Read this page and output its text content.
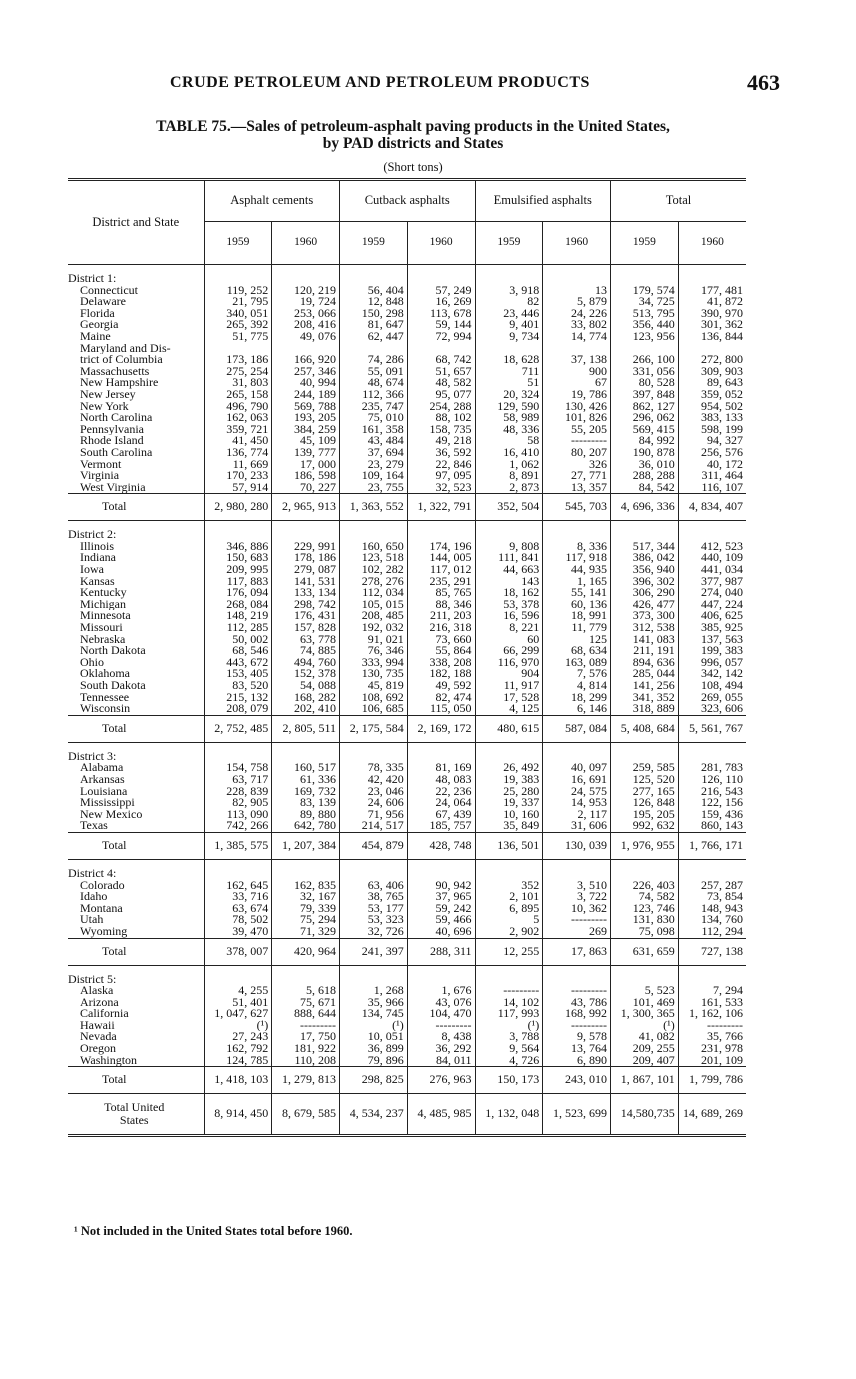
CRUDE PETROLEUM AND PETROLEUM PRODUCTS	463
TABLE 75.—Sales of petroleum-asphalt paving products in the United States,
by PAD districts and States
(Short tons)
District and State	Asphalt cements		Cutback asphalts		Emulsified asphalts		Total	
	1959	1960	1959	1960	1959	1960	1959	1960

District 1:								
Connecticut	119, 252	120, 219	56, 404	57, 249	3, 918	13	179, 574	177, 481
Delaware	21, 795	19, 724	12, 848	16, 269	82	5, 879	34, 725	41, 872
Florida	340, 051	253, 066	150, 298	113, 678	23, 446	24, 226	513, 795	390, 970
Georgia	265, 392	208, 416	81, 647	59, 144	9, 401	33, 802	356, 440	301, 362
Maine	51, 775	49, 076	62, 447	72, 994	9, 734	14, 774	123, 956	136, 844
Maryland and Dis-								
trict of Columbia	173, 186	166, 920	74, 286	68, 742	18, 628	37, 138	266, 100	272, 800
Massachusetts	275, 254	257, 346	55, 091	51, 657	711	900	331, 056	309, 903
New Hampshire	31, 803	40, 994	48, 674	48, 582	51	67	80, 528	89, 643
New Jersey	265, 158	244, 189	112, 366	95, 077	20, 324	19, 786	397, 848	359, 052
New York	496, 790	569, 788	235, 747	254, 288	129, 590	130, 426	862, 127	954, 502
North Carolina	162, 063	193, 205	75, 010	88, 102	58, 989	101, 826	296, 062	383, 133
Pennsylvania	359, 721	384, 259	161, 358	158, 735	48, 336	55, 205	569, 415	598, 199
Rhode Island	41, 450	45, 109	43, 484	49, 218	58	---------	84, 992	94, 327
South Carolina	136, 774	139, 777	37, 694	36, 592	16, 410	80, 207	190, 878	256, 576
Vermont	11, 669	17, 000	23, 279	22, 846	1, 062	326	36, 010	40, 172
Virginia	170, 233	186, 598	109, 164	97, 095	8, 891	27, 771	288, 288	311, 464
West Virginia	57, 914	70, 227	23, 755	32, 523	2, 873	13, 357	84, 542	116, 107
Total	2, 980, 280	2, 965, 913	1, 363, 552	1, 322, 791	352, 504	545, 703	4, 696, 336	4, 834, 407

District 2:								
Illinois	346, 886	229, 991	160, 650	174, 196	9, 808	8, 336	517, 344	412, 523
Indiana	150, 683	178, 186	123, 518	144, 005	111, 841	117, 918	386, 042	440, 109
Iowa	209, 995	279, 087	102, 282	117, 012	44, 663	44, 935	356, 940	441, 034
Kansas	117, 883	141, 531	278, 276	235, 291	143	1, 165	396, 302	377, 987
Kentucky	176, 094	133, 134	112, 034	85, 765	18, 162	55, 141	306, 290	274, 040
Michigan	268, 084	298, 742	105, 015	88, 346	53, 378	60, 136	426, 477	447, 224
Minnesota	148, 219	176, 431	208, 485	211, 203	16, 596	18, 991	373, 300	406, 625
Missouri	112, 285	157, 828	192, 032	216, 318	8, 221	11, 779	312, 538	385, 925
Nebraska	50, 002	63, 778	91, 021	73, 660	60	125	141, 083	137, 563
North Dakota	68, 546	74, 885	76, 346	55, 864	66, 299	68, 634	211, 191	199, 383
Ohio	443, 672	494, 760	333, 994	338, 208	116, 970	163, 089	894, 636	996, 057
Oklahoma	153, 405	152, 378	130, 735	182, 188	904	7, 576	285, 044	342, 142
South Dakota	83, 520	54, 088	45, 819	49, 592	11, 917	4, 814	141, 256	108, 494
Tennessee	215, 132	168, 282	108, 692	82, 474	17, 528	18, 299	341, 352	269, 055
Wisconsin	208, 079	202, 410	106, 685	115, 050	4, 125	6, 146	318, 889	323, 606
Total	2, 752, 485	2, 805, 511	2, 175, 584	2, 169, 172	480, 615	587, 084	5, 408, 684	5, 561, 767

District 3:								
Alabama	154, 758	160, 517	78, 335	81, 169	26, 492	40, 097	259, 585	281, 783
Arkansas	63, 717	61, 336	42, 420	48, 083	19, 383	16, 691	125, 520	126, 110
Louisiana	228, 839	169, 732	23, 046	22, 236	25, 280	24, 575	277, 165	216, 543
Mississippi	82, 905	83, 139	24, 606	24, 064	19, 337	14, 953	126, 848	122, 156
New Mexico	113, 090	89, 880	71, 956	67, 439	10, 160	2, 117	195, 205	159, 436
Texas	742, 266	642, 780	214, 517	185, 757	35, 849	31, 606	992, 632	860, 143
Total	1, 385, 575	1, 207, 384	454, 879	428, 748	136, 501	130, 039	1, 976, 955	1, 766, 171

District 4:								
Colorado	162, 645	162, 835	63, 406	90, 942	352	3, 510	226, 403	257, 287
Idaho	33, 716	32, 167	38, 765	37, 965	2, 101	3, 722	74, 582	73, 854
Montana	63, 674	79, 339	53, 177	59, 242	6, 895	10, 362	123, 746	148, 943
Utah	78, 502	75, 294	53, 323	59, 466	5	---------	131, 830	134, 760
Wyoming	39, 470	71, 329	32, 726	40, 696	2, 902	269	75, 098	112, 294
Total	378, 007	420, 964	241, 397	288, 311	12, 255	17, 863	631, 659	727, 138

District 5:								
Alaska	4, 255	5, 618	1, 268	1, 676	---------	---------	5, 523	7, 294
Arizona	51, 401	75, 671	35, 966	43, 076	14, 102	43, 786	101, 469	161, 533
California	1, 047, 627	888, 644	134, 745	104, 470	117, 993	168, 992	1, 300, 365	1, 162, 106
Hawaii	(¹)	---------	(¹)	---------	(¹)	---------	(¹)	---------
Nevada	27, 243	17, 750	10, 051	8, 438	3, 788	9, 578	41, 082	35, 766
Oregon	162, 792	181, 922	36, 899	36, 292	9, 564	13, 764	209, 255	231, 978
Washington	124, 785	110, 208	79, 896	84, 011	4, 726	6, 890	209, 407	201, 109
Total	1, 418, 103	1, 279, 813	298, 825	276, 963	150, 173	243, 010	1, 867, 101	1, 799, 786
Total United
States	8, 914, 450	8, 679, 585	4, 534, 237	4, 485, 985	1, 132, 048	1, 523, 699	14,580,735	14, 689, 269
¹ Not included in the United States total before 1960.
